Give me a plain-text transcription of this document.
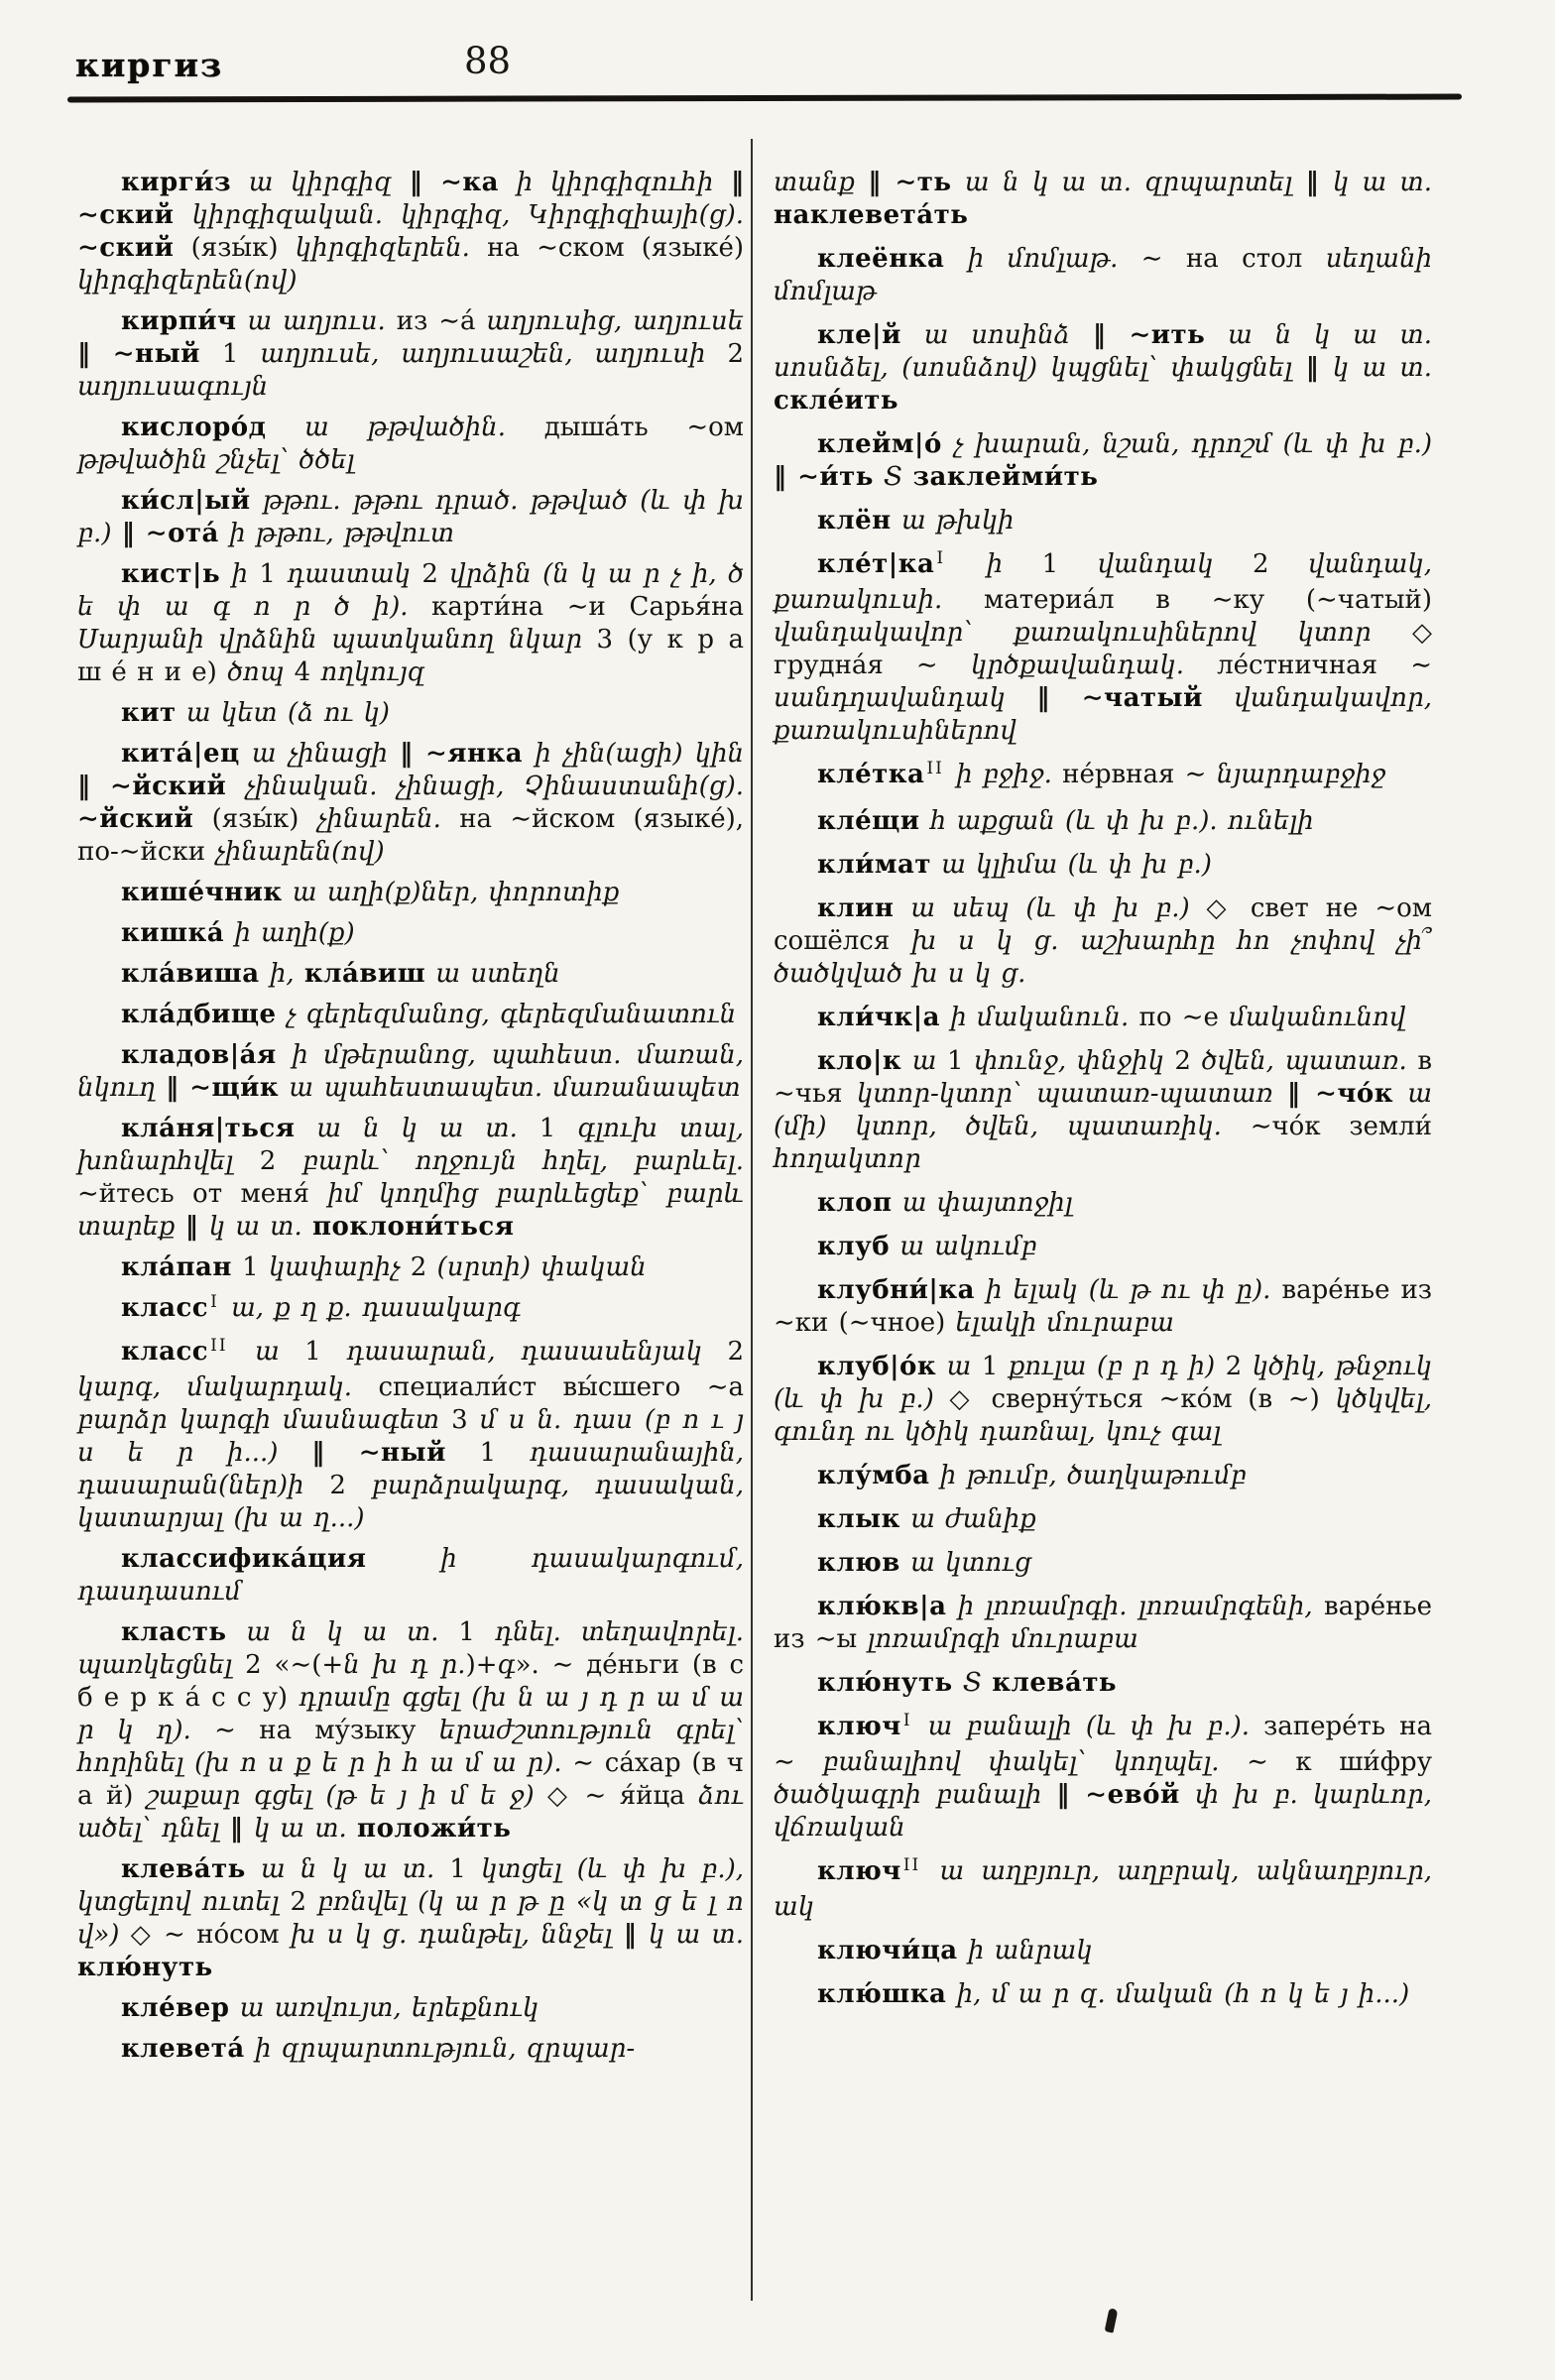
киргиз	88

кирги́з ա կիրգիզ ‖ ∼ка ի կիրգիզուհի ‖ ∼ский կիրգիզական. կիրգիզ, Կիրգիզիայի(ց). ∼ский (язы́к) կիրգիզերեն. на ∼ском (языке́) կիրգիզերեն(ով)

кирпи́ч ա աղյուս. из ∼а́ աղյուսից, աղյուսե ‖ ∼ный 1 աղյուսե, աղյուսաշեն, աղյուսի 2 աղյուսագույն

кислоро́д ա թթվածին. дыша́ть ∼ом թթվածին շնչել՝ ծծել

ки́сл|ый թթու. թթու դրած. թթված (և փ խ բ.) ‖ ∼ота́ ի թթու, թթվուտ

кист|ь ի 1 դաստակ 2 վրձին (ն կ ա ր չ ի, ծ ե փ ա գ ո ր ծ ի). карти́на ∼и Сарья́на Սարյանի վրձնին պատկանող նկար 3 (у к р а ш е́ н и е) ծոպ 4 ողկույզ

кит ա կետ (ձ ու կ)

кита́|ец ա չինացի ‖ ∼янка ի չին(ացի) կին ‖ ∼йский չինական. չինացի, Չինաստանի(ց). ∼йский (язы́к) չինարեն. на ∼йском (языке́), по-∼йски չինարեն(ով)

кише́чник ա աղի(ք)ներ, փորոտիք

кишка́ ի աղի(ք)

кла́виша ի, кла́виш ա ստեղն

кла́дбище չ գերեզմանոց, գերեզմանատուն

кладов|а́я ի մթերանոց, պահեստ. մառան, նկուղ ‖ ∼щи́к ա պահեստապետ. մառանապետ

кла́ня|ться ա ն կ ա տ. 1 գլուխ տալ, խոնարհվել 2 բարև՝ ողջույն հղել, բարևել. ∼йтесь от меня́ իմ կողմից բարևեցեք՝ բարև տարեք ‖ կ ա տ. поклони́ться

кла́пан 1 կափարիչ 2 (սրտի) փական

класс $^I$ ա, ք ղ ք. դասակարգ

класс $^{II}$ ա 1 դասարան, դասասենյակ 2 կարգ, մակարդակ. специали́ст вы́сшего ∼а բարձր կարգի մասնագետ 3 մ ս ն. դաս (բ ո ւ յ ս ե ր ի...) ‖ ∼ный 1 դասարանային, դասարան(ներ)ի 2 բարձրակարգ, դասական, կատարյալ (խ ա ղ...)

классифика́ция ի դասակարգում, դասդասում

класть ա ն կ ա տ. 1 դնել. տեղավորել. պառկեցնել 2 «∼(+ն խ դ ր.)+գ». ∼ де́ньги (в с б е р к а́ с с у) դրամը գցել (խ ն ա յ դ ր ա մ ա ր կ ղ). ∼ на му́зыку երաժշտություն գրել՝ հորինել (խ ո ս ք ե ր ի հ ա մ ա ր). ∼ са́хар (в ч а й) շաքար գցել (թ ե յ ի մ ե ջ) ◇ ∼ я́йца ձու ածել՝ դնել ‖ կ ա տ. положи́ть

клева́ть ա ն կ ա տ. 1 կտցել (և փ խ բ.), կտցելով ուտել 2 բռնվել (կ ա ր թ ը «կ տ ց ե լ ո վ») ◇ ∼ но́сом խ ս կ ց. դանթել, ննջել ‖ կ ա տ. клю́нуть

кле́вер ա առվույտ, երեքնուկ

клевета́ ի զրպարտություն, զրպար-

տանք ‖ ∼ть ա ն կ ա տ. զրպարտել ‖ կ ա տ. наклевета́ть

клеёнка ի մոմլաթ. ∼ на стол սեղանի մոմլաթ

кле|й ա սոսինձ ‖ ∼ить ա ն կ ա տ. սոսնձել, (սոսնձով) կպցնել՝ փակցնել ‖ կ ա տ. скле́ить

клейм|о́ չ խարան, նշան, դրոշմ (և փ խ բ.) ‖ ∼и́ть Տ заклейми́ть

клён ա թխկի

кле́т|ка $^I$ ի 1 վանդակ 2 վանդակ, քառակուսի. материа́л в ∼ку (∼чатый) վանդակավոր՝ քառակուսիներով կտոր ◇ грудна́я ∼ կրծքավանդակ. ле́стничная ∼ սանդղավանդակ ‖ ∼чатый վանդակավոր, քառակուսիներով

кле́тка $^{II}$ ի բջիջ. не́рвная ∼ նյարդաբջիջ

кле́щи հ աքցան (և փ խ բ.). ունելի

кли́мат ա կլիմա (և փ խ բ.)

клин ա սեպ (և փ խ բ.) ◇ свет не ∼ом сошёлся խ ս կ ց. աշխարհը հո չոփով չի՞ ծածկված խ ս կ ց.

кли́чк|а ի մականուն. по ∼е մականունով

кло|к ա 1 փունջ, փնջիկ 2 ծվեն, պատառ. в ∼чья կտոր-կտոր՝ պատառ-պատառ ‖ ∼чо́к ա (մի) կտոր, ծվեն, պատառիկ. ∼чо́к земли́ հողակտոր

клоп ա փայտոջիլ

клуб ա ակումբ

клубни́|ка ի ելակ (և թ ու փ ը). варе́нье из ∼ки (∼чное) ելակի մուրաբա

клуб|о́к ա 1 քուլա (բ ր դ ի) 2 կծիկ, թնջուկ (և փ խ բ.) ◇ сверну́ться ∼ко́м (в ∼) կծկվել, գունդ ու կծիկ դառնալ, կուչ գալ

клу́мба ի թումբ, ծաղկաթումբ

клык ա ժանիք

клюв ա կտուց

клю́кв|а ի լոռամրգի. լոռամրգենի, варе́нье из ∼ы լոռամրգի մուրաբա

клю́нуть Տ клева́ть

ключ $^I$ ա բանալի (և փ խ բ.). запере́ть на ∼ բանալիով փակել՝ կողպել. ∼ к ши́фру ծածկագրի բանալի ‖ ∼ево́й փ խ բ. կարևոր, վճռական

ключ $^{II}$ ա աղբյուր, աղբրակ, ակնաղբյուր, ակ

ключи́ца ի անրակ

клю́шка ի, մ ա ր զ. մական (հ ո կ ե յ ի...)
